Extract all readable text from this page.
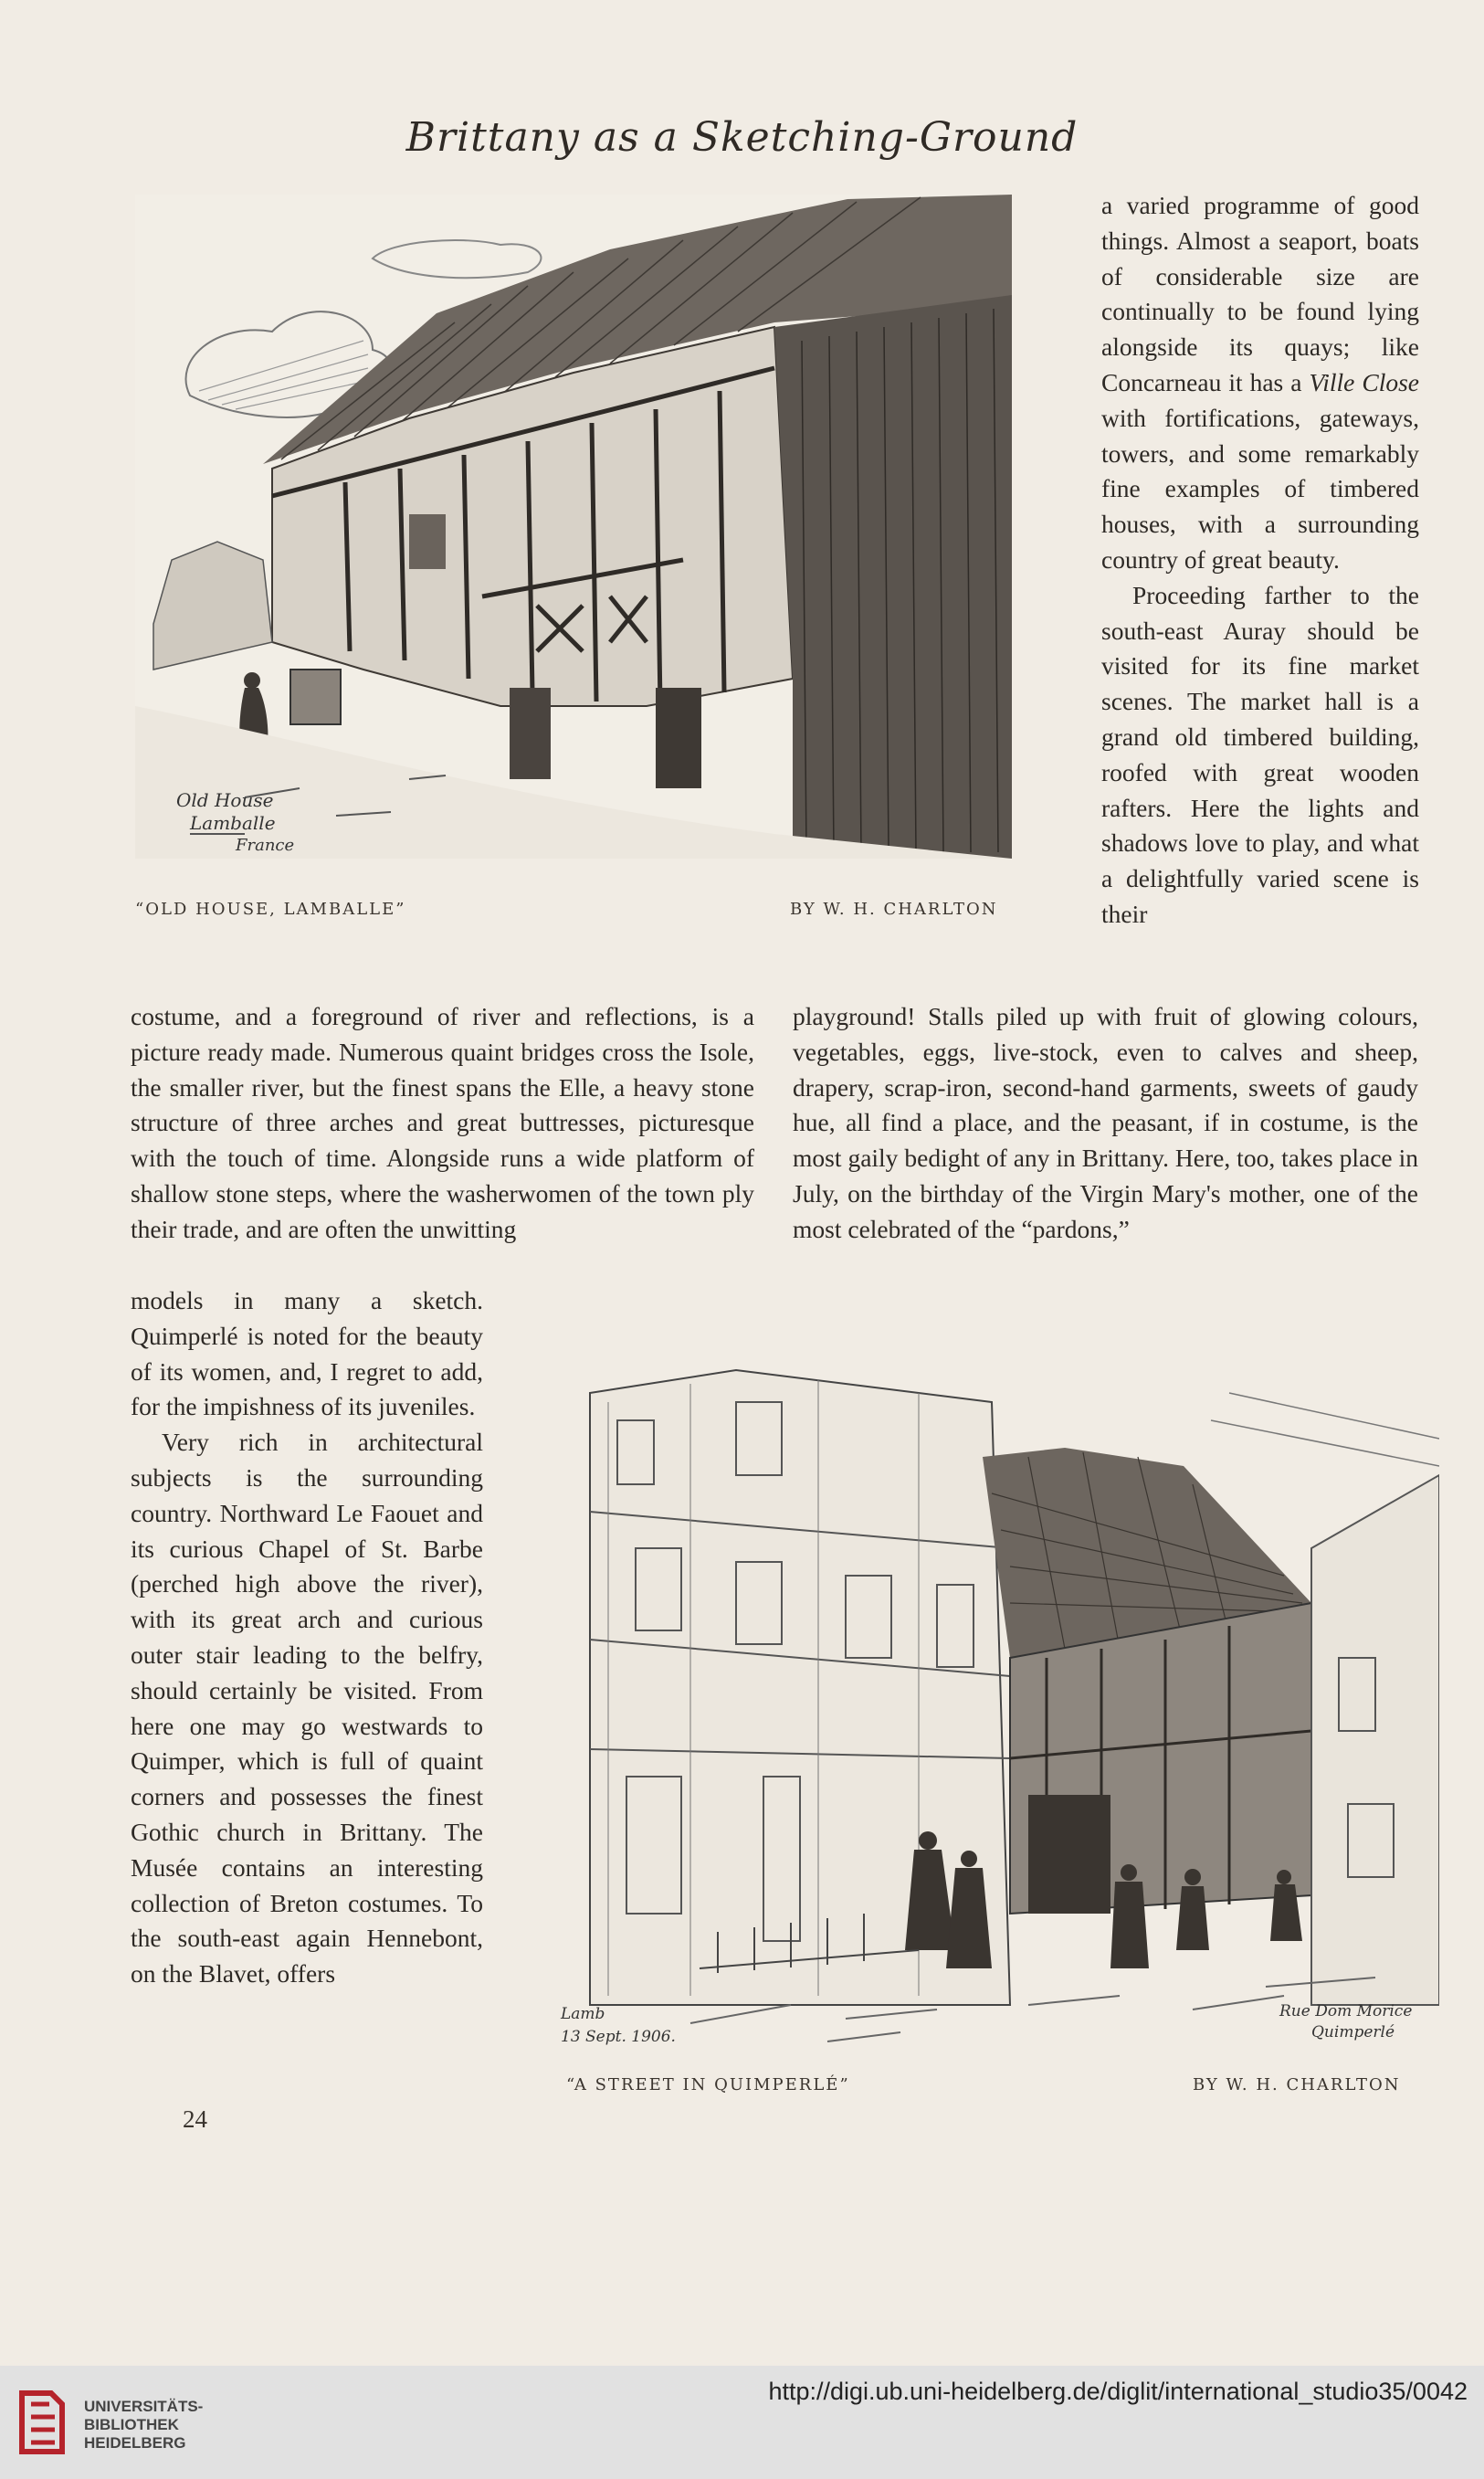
Brittany as a Sketching-Ground
Old House
Lamballe
France
“OLD HOUSE, LAMBALLE”	BY W. H. CHARLTON

a varied programme of good things. Almost a seaport, boats of considerable size are continually to be found lying alongside its quays; like Concarneau it has a Ville Close with fortifications, gateways, towers, and some remarkably fine examples of timbered houses, with a surrounding country of great beauty.

Proceeding farther to the south-east Auray should be visited for its fine market scenes. The market hall is a grand old timbered building, roofed with great wooden rafters. Here the lights and shadows love to play, and what a delightfully varied scene is their

costume, and a foreground of river and reflections, is a picture ready made. Numerous quaint bridges cross the Isole, the smaller river, but the finest spans the Elle, a heavy stone structure of three arches and great buttresses, picturesque with the touch of time. Alongside runs a wide platform of shallow stone steps, where the washerwomen of the town ply their trade, and are often the unwitting
playground! Stalls piled up with fruit of glowing colours, vegetables, eggs, live-stock, even to calves and sheep, drapery, scrap-iron, second-hand garments, sweets of gaudy hue, all find a place, and the peasant, if in costume, is the most gaily bedight of any in Brittany. Here, too, takes place in July, on the birthday of the Virgin Mary's mother, one of the most celebrated of the “pardons,”

models in many a sketch. Quimperlé is noted for the beauty of its women, and, I regret to add, for the impishness of its juveniles.

Very rich in architectural subjects is the surrounding country. Northward Le Faouet and its curious Chapel of St. Barbe (perched high above the river), with its great arch and curious outer stair leading to the belfry, should certainly be visited. From here one may go westwards to Quimper, which is full of quaint corners and possesses the finest Gothic church in Brittany. The Musée contains an interesting collection of Breton costumes. To the south-east again Hennebont, on the Blavet, offers

Lamb
13 Sept. 1906.
Rue Dom Morice
Quimperlé
“A STREET IN QUIMPERLÉ”	BY W. H. CHARLTON
24
UNIVERSITÄTS-
BIBLIOTHEK
HEIDELBERG
http://digi.ub.uni-heidelberg.de/diglit/international_studio35/0042
